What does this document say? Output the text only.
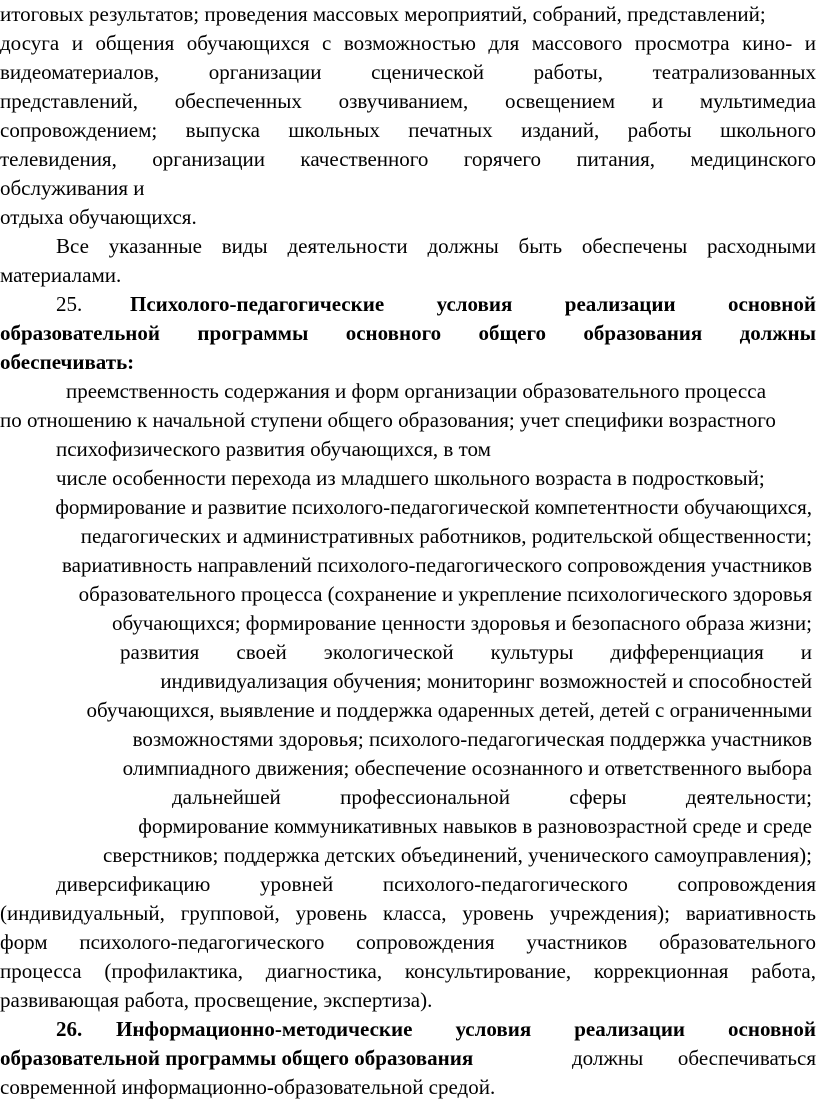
итоговых результатов; проведения массовых мероприятий, собраний, представлений;
досуга и общения обучающихся с возможностью для массового просмотра кино- и
видеоматериалов, организации сценической работы, театрализованных
представлений, обеспеченных озвучиванием, освещением и мультимедиа
сопровождением; выпуска школьных печатных изданий, работы школьного
телевидения, организации качественного горячего питания, медицинского
обслуживания и
отдыха обучающихся.
Все указанные виды деятельности должны быть обеспечены расходными
материалами.
25. Психолого-педагогические условия реализации основной
образовательной программы основного общего образования должны
обеспечивать:
преемственность содержания и форм организации образовательного процесса
по отношению к начальной ступени общего образования; учет специфики возрастного
психофизического развития обучающихся, в том
числе особенности перехода из младшего школьного возраста в подростковый;
формирование и развитие психолого-педагогической компетентности обучающихся,
педагогических и административных работников, родительской общественности;
вариативность направлений психолого-педагогического сопровождения участников
образовательного процесса (сохранение и укрепление психологического здоровья
обучающихся; формирование ценности здоровья и безопасного образа жизни;
развития своей экологической культуры дифференциация и
индивидуализация обучения; мониторинг возможностей и способностей
обучающихся, выявление и поддержка одаренных детей, детей с ограниченными
возможностями здоровья; психолого-педагогическая поддержка участников
олимпиадного движения; обеспечение осознанного и ответственного выбора
дальнейшей профессиональной сферы деятельности;
формирование коммуникативных навыков в разновозрастной среде и среде
сверстников; поддержка детских объединений, ученического самоуправления);
диверсификацию уровней психолого-педагогического сопровождения
(индивидуальный, групповой, уровень класса, уровень учреждения); вариативность
форм психолого-педагогического сопровождения участников образовательного
процесса (профилактика, диагностика, консультирование, коррекционная работа,
развивающая работа, просвещение, экспертиза).
26. Информационно-методические условия реализации основной
образовательной программы общего образования	должны обеспечиваться
современной информационно-образовательной средой.
